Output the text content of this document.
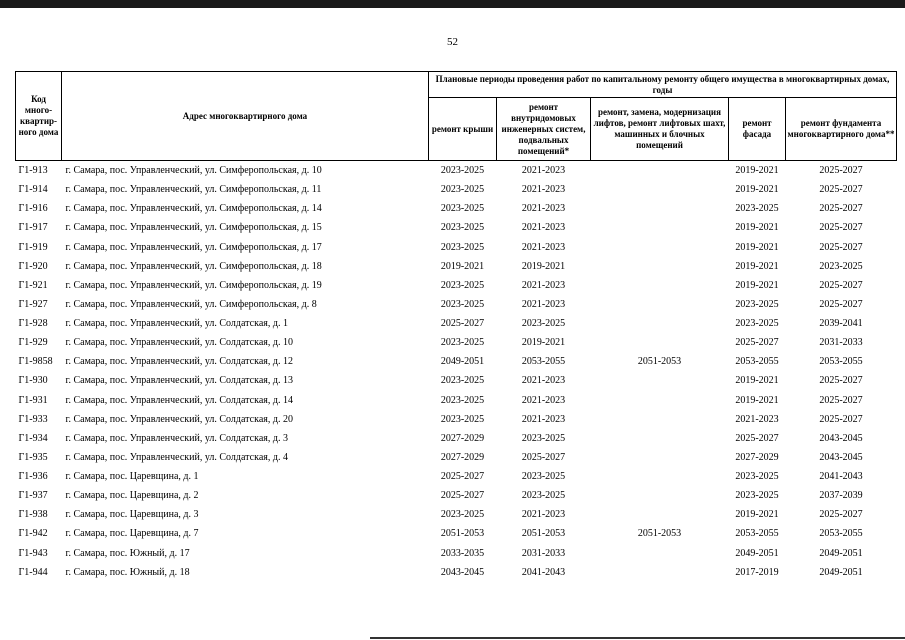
52
Код много-квартир-ного дома	Адрес многоквартирного дома	Плановые периоды проведения работ по капитальному ремонту общего имущества в многоквартирных домах, годы				
		ремонт крыши	ремонт внутридомовых инженерных систем, подвальных помещений*	ремонт, замена, модернизация лифтов, ремонт лифтовых шахт, машинных и блочных помещений	ремонт фасада	ремонт фундамента многоквартирного дома**
Г1-913	г. Самара, пос. Управленческий, ул. Симферопольская, д. 10	2023-2025	2021-2023		2019-2021	2025-2027
Г1-914	г. Самара, пос. Управленческий, ул. Симферопольская, д. 11	2023-2025	2021-2023		2019-2021	2025-2027
Г1-916	г. Самара, пос. Управленческий, ул. Симферопольская, д. 14	2023-2025	2021-2023		2023-2025	2025-2027
Г1-917	г. Самара, пос. Управленческий, ул. Симферопольская, д. 15	2023-2025	2021-2023		2019-2021	2025-2027
Г1-919	г. Самара, пос. Управленческий, ул. Симферопольская, д. 17	2023-2025	2021-2023		2019-2021	2025-2027
Г1-920	г. Самара, пос. Управленческий, ул. Симферопольская, д. 18	2019-2021	2019-2021		2019-2021	2023-2025
Г1-921	г. Самара, пос. Управленческий, ул. Симферопольская, д. 19	2023-2025	2021-2023		2019-2021	2025-2027
Г1-927	г. Самара, пос. Управленческий, ул. Симферопольская, д. 8	2023-2025	2021-2023		2023-2025	2025-2027
Г1-928	г. Самара, пос. Управленческий, ул. Солдатская, д. 1	2025-2027	2023-2025		2023-2025	2039-2041
Г1-929	г. Самара, пос. Управленческий, ул. Солдатская, д. 10	2023-2025	2019-2021		2025-2027	2031-2033
Г1-9858	г. Самара, пос. Управленческий, ул. Солдатская, д. 12	2049-2051	2053-2055	2051-2053	2053-2055	2053-2055
Г1-930	г. Самара, пос. Управленческий, ул. Солдатская, д. 13	2023-2025	2021-2023		2019-2021	2025-2027
Г1-931	г. Самара, пос. Управленческий, ул. Солдатская, д. 14	2023-2025	2021-2023		2019-2021	2025-2027
Г1-933	г. Самара, пос. Управленческий, ул. Солдатская, д. 20	2023-2025	2021-2023		2021-2023	2025-2027
Г1-934	г. Самара, пос. Управленческий, ул. Солдатская, д. 3	2027-2029	2023-2025		2025-2027	2043-2045
Г1-935	г. Самара, пос. Управленческий, ул. Солдатская, д. 4	2027-2029	2025-2027		2027-2029	2043-2045
Г1-936	г. Самара, пос. Царевщина, д. 1	2025-2027	2023-2025		2023-2025	2041-2043
Г1-937	г. Самара, пос. Царевщина, д. 2	2025-2027	2023-2025		2023-2025	2037-2039
Г1-938	г. Самара, пос. Царевщина, д. 3	2023-2025	2021-2023		2019-2021	2025-2027
Г1-942	г. Самара, пос. Царевщина, д. 7	2051-2053	2051-2053	2051-2053	2053-2055	2053-2055
Г1-943	г. Самара, пос. Южный, д. 17	2033-2035	2031-2033		2049-2051	2049-2051
Г1-944	г. Самара, пос. Южный, д. 18	2043-2045	2041-2043		2017-2019	2049-2051
